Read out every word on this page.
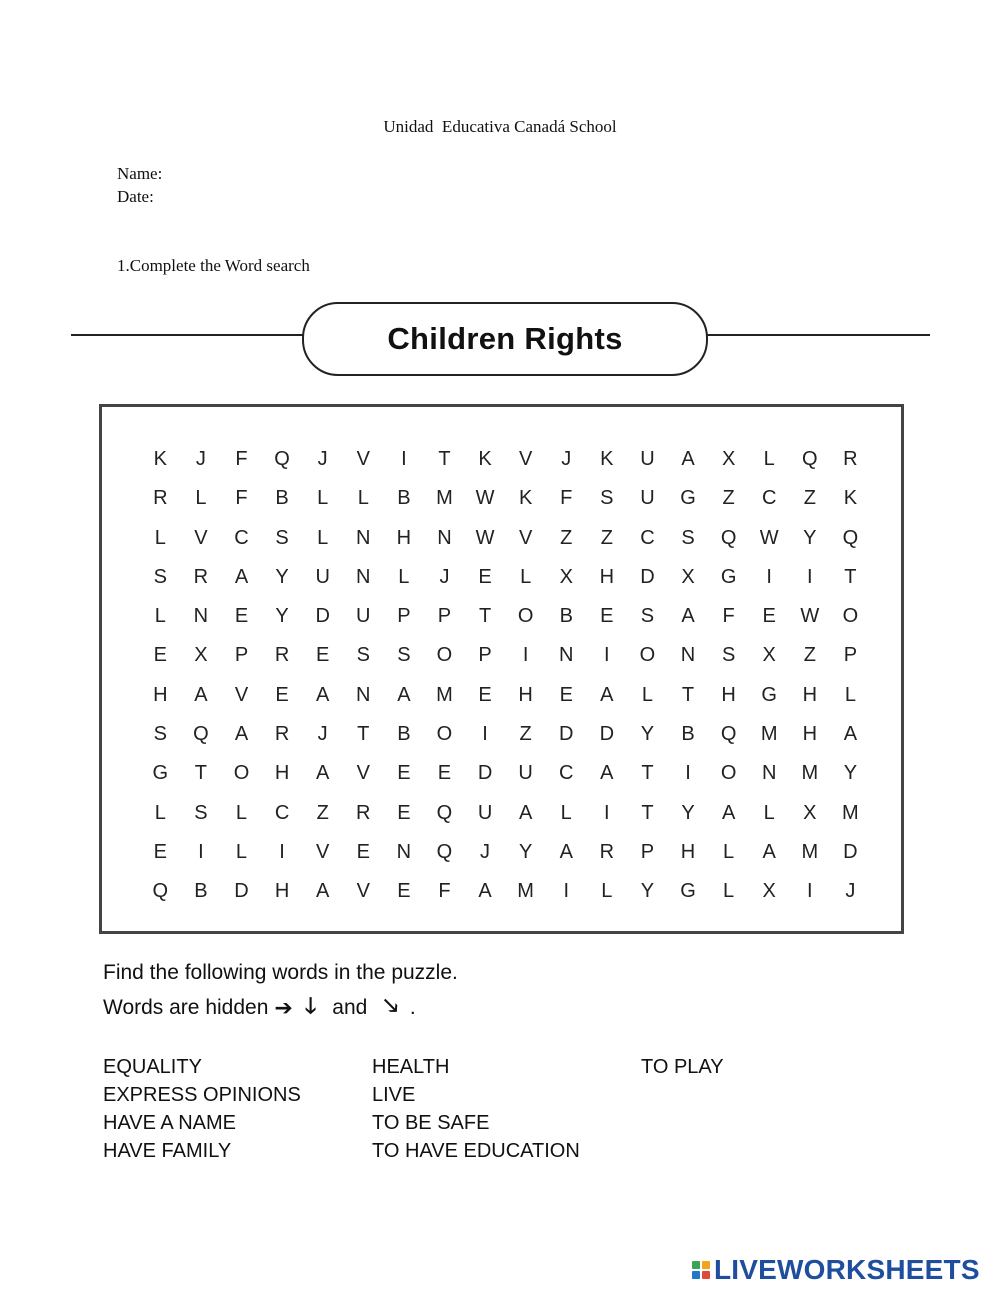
Unidad  Educativa Canadá School
Name:
Date:
1.Complete the Word search
Children Rights
K	J	F	Q	J	V	I	T	K	V	J	K	U	A	X	L	Q	R
R	L	F	B	L	L	B	M	W	K	F	S	U	G	Z	C	Z	K
L	V	C	S	L	N	H	N	W	V	Z	Z	C	S	Q	W	Y	Q
S	R	A	Y	U	N	L	J	E	L	X	H	D	X	G	I	I	T
L	N	E	Y	D	U	P	P	T	O	B	E	S	A	F	E	W	O
E	X	P	R	E	S	S	O	P	I	N	I	O	N	S	X	Z	P
H	A	V	E	A	N	A	M	E	H	E	A	L	T	H	G	H	L
S	Q	A	R	J	T	B	O	I	Z	D	D	Y	B	Q	M	H	A
G	T	O	H	A	V	E	E	D	U	C	A	T	I	O	N	M	Y
L	S	L	C	Z	R	E	Q	U	A	L	I	T	Y	A	L	X	M
E	I	L	I	V	E	N	Q	J	Y	A	R	P	H	L	A	M	D
Q	B	D	H	A	V	E	F	A	M	I	L	Y	G	L	X	I	J
Find the following words in the puzzle.
Words are hidden ➔ 🡓 and 🡖 .
EQUALITY
EXPRESS OPINIONS
HAVE A NAME
HAVE FAMILY
HEALTH
LIVE
TO BE SAFE
TO HAVE EDUCATION
TO PLAY
LIVEWORKSHEETS
